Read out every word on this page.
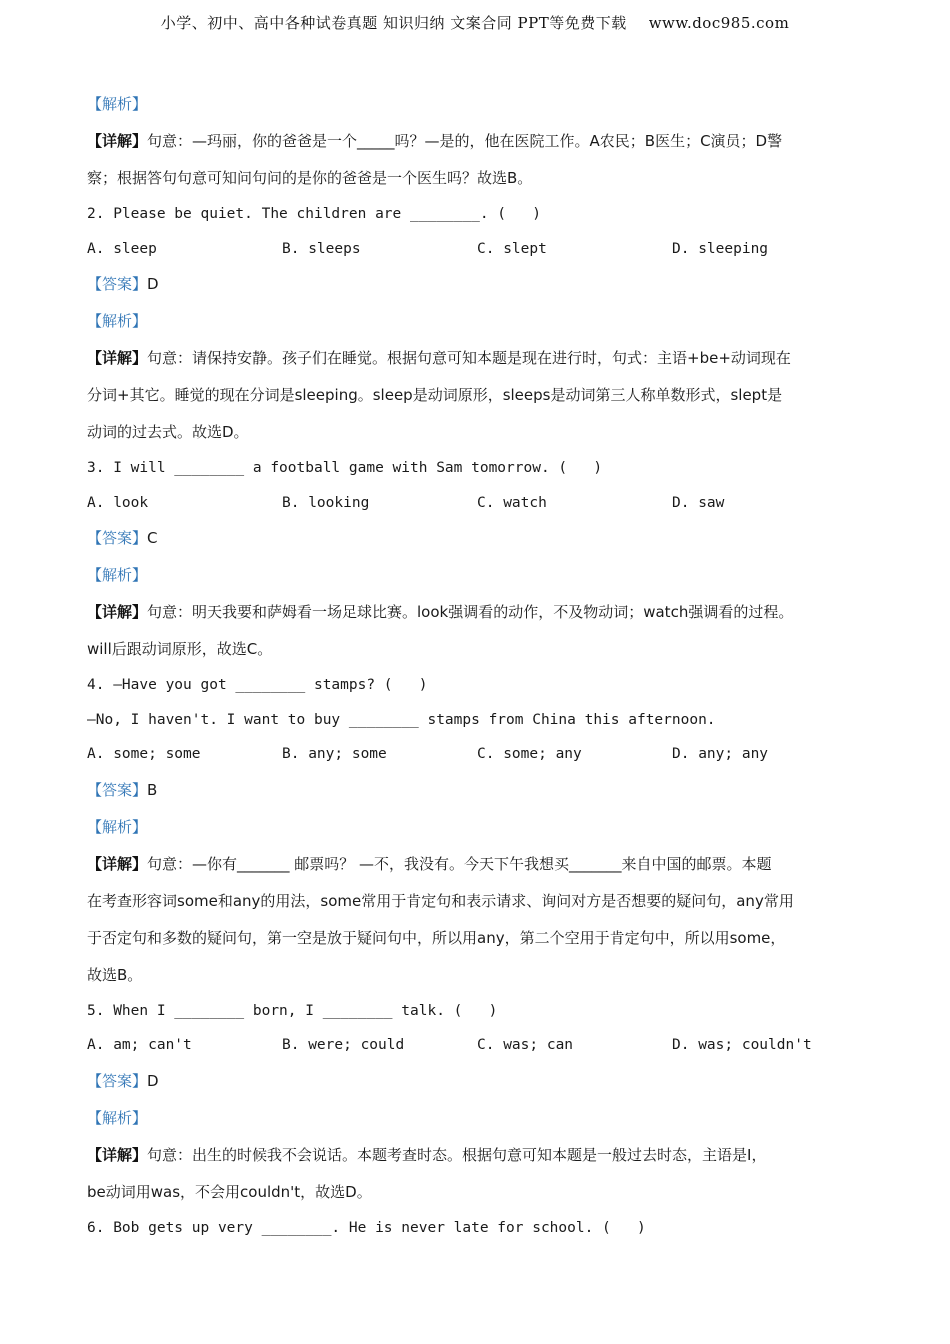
小学、初中、高中各种试卷真题 知识归纳 文案合同 PPT等免费下载 www.doc985.com
【解析】
【详解】句意：—玛丽，你的爸爸是一个_____吗？—是的，他在医院工作。A农民；B医生；C演员；D警
察；根据答句句意可知问句问的是你的爸爸是一个医生吗？故选B。
2. Please be quiet. The children are ________. (   )
A. sleep	B. sleeps	C. slept	D. sleeping
【答案】D
【解析】
【详解】句意：请保持安静。孩子们在睡觉。根据句意可知本题是现在进行时，句式：主语+be+动词现在
分词+其它。睡觉的现在分词是sleeping。sleep是动词原形，sleeps是动词第三人称单数形式，slept是
动词的过去式。故选D。
3. I will ________ a football game with Sam tomorrow. (   )
A. look	B. looking	C. watch	D. saw
【答案】C
【解析】
【详解】句意：明天我要和萨姆看一场足球比赛。look强调看的动作，不及物动词；watch强调看的过程。
will后跟动词原形，故选C。
4. —Have you got ________ stamps? (   )
—No, I haven't. I want to buy ________ stamps from China this afternoon.
A. some; some	B. any; some	C. some; any	D. any; any
【答案】B
【解析】
【详解】句意：—你有_______ 邮票吗？ —不，我没有。今天下午我想买_______来自中国的邮票。本题
在考查形容词some和any的用法，some常用于肯定句和表示请求、询问对方是否想要的疑问句，any常用
于否定句和多数的疑问句，第一空是放于疑问句中，所以用any，第二个空用于肯定句中，所以用some，
故选B。
5. When I ________ born, I ________ talk. (   )
A. am; can't	B. were; could	C. was; can	D. was; couldn't
【答案】D
【解析】
【详解】句意：出生的时候我不会说话。本题考查时态。根据句意可知本题是一般过去时态，主语是I，
be动词用was，不会用couldn't，故选D。
6. Bob gets up very ________. He is never late for school. (   )
